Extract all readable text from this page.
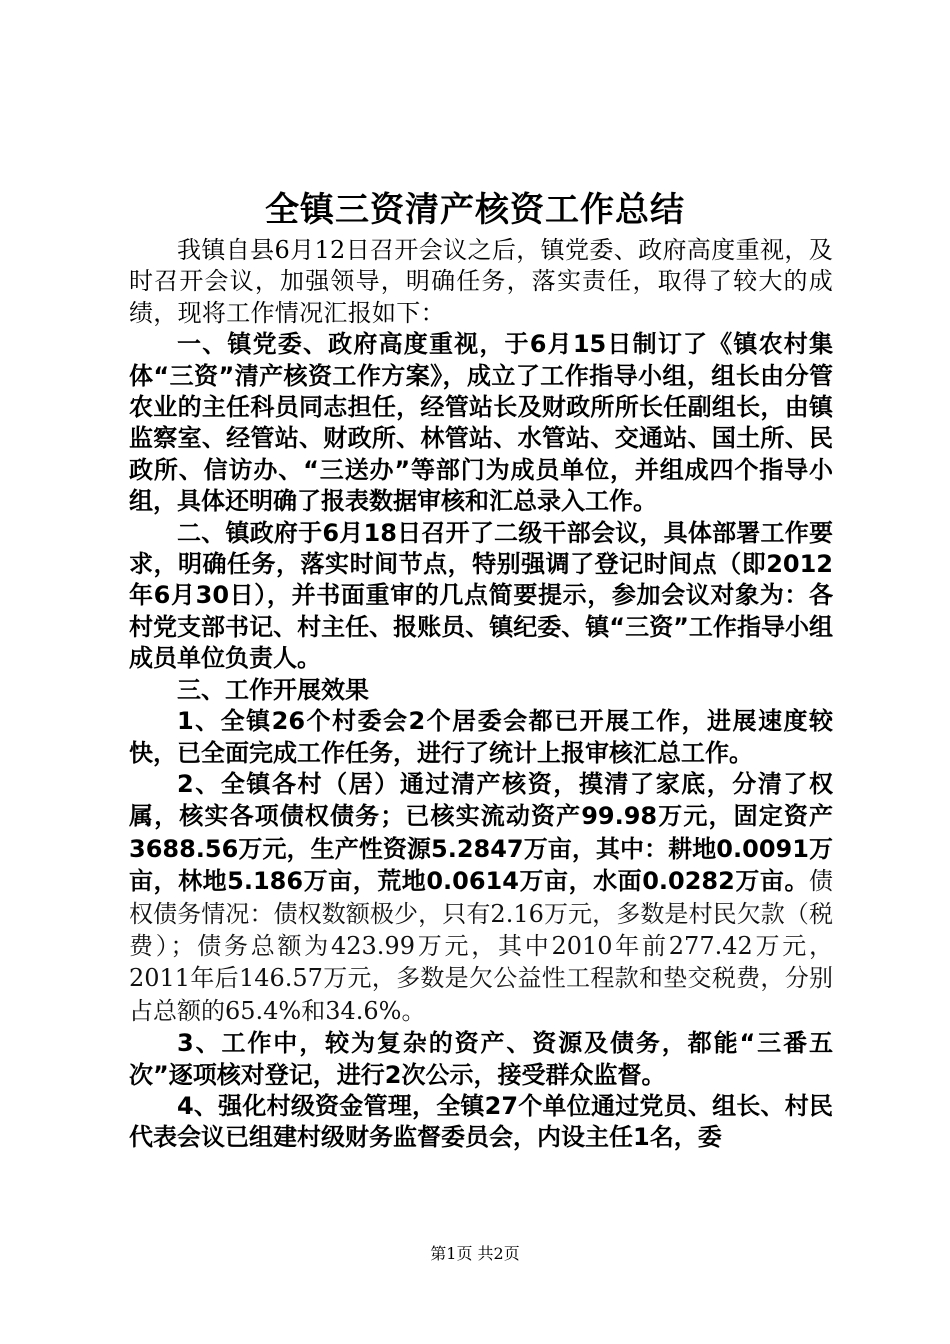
全镇三资清产核资工作总结

我镇自县6月12日召开会议之后，镇党委、政府高度重视，及时召开会议，加强领导，明确任务，落实责任，取得了较大的成绩，现将工作情况汇报如下：

一、镇党委、政府高度重视，于6月15日制订了《镇农村集体“三资”清产核资工作方案》，成立了工作指导小组，组长由分管农业的主任科员同志担任，经管站长及财政所所长任副组长，由镇监察室、经管站、财政所、林管站、水管站、交通站、国土所、民政所、信访办、“三送办”等部门为成员单位，并组成四个指导小组，具体还明确了报表数据审核和汇总录入工作。

二、镇政府于6月18日召开了二级干部会议，具体部署工作要求，明确任务，落实时间节点，特别强调了登记时间点（即2012年6月30日），并书面重审的几点简要提示，参加会议对象为：各村党支部书记、村主任、报账员、镇纪委、镇“三资”工作指导小组成员单位负责人。

三、工作开展效果

1、全镇26个村委会2个居委会都已开展工作，进展速度较快，已全面完成工作任务，进行了统计上报审核汇总工作。

2、全镇各村（居）通过清产核资，摸清了家底，分清了权属，核实各项债权债务；已核实流动资产99.98万元，固定资产3688.56万元，生产性资源5.2847万亩，其中：耕地0.0091万亩，林地5.186万亩，荒地0.0614万亩，水面0.0282万亩。债权债务情况：债权数额极少，只有2.16万元，多数是村民欠款（税费）；债务总额为423.99万元，其中2010年前277.42万元，2011年后146.57万元，多数是欠公益性工程款和垫交税费，分别占总额的65.4%和34.6%。

3、工作中，较为复杂的资产、资源及债务，都能“三番五次”逐项核对登记，进行2次公示，接受群众监督。

4、强化村级资金管理，全镇27个单位通过党员、组长、村民代表会议已组建村级财务监督委员会，内设主任1名，委

第1页 共2页
